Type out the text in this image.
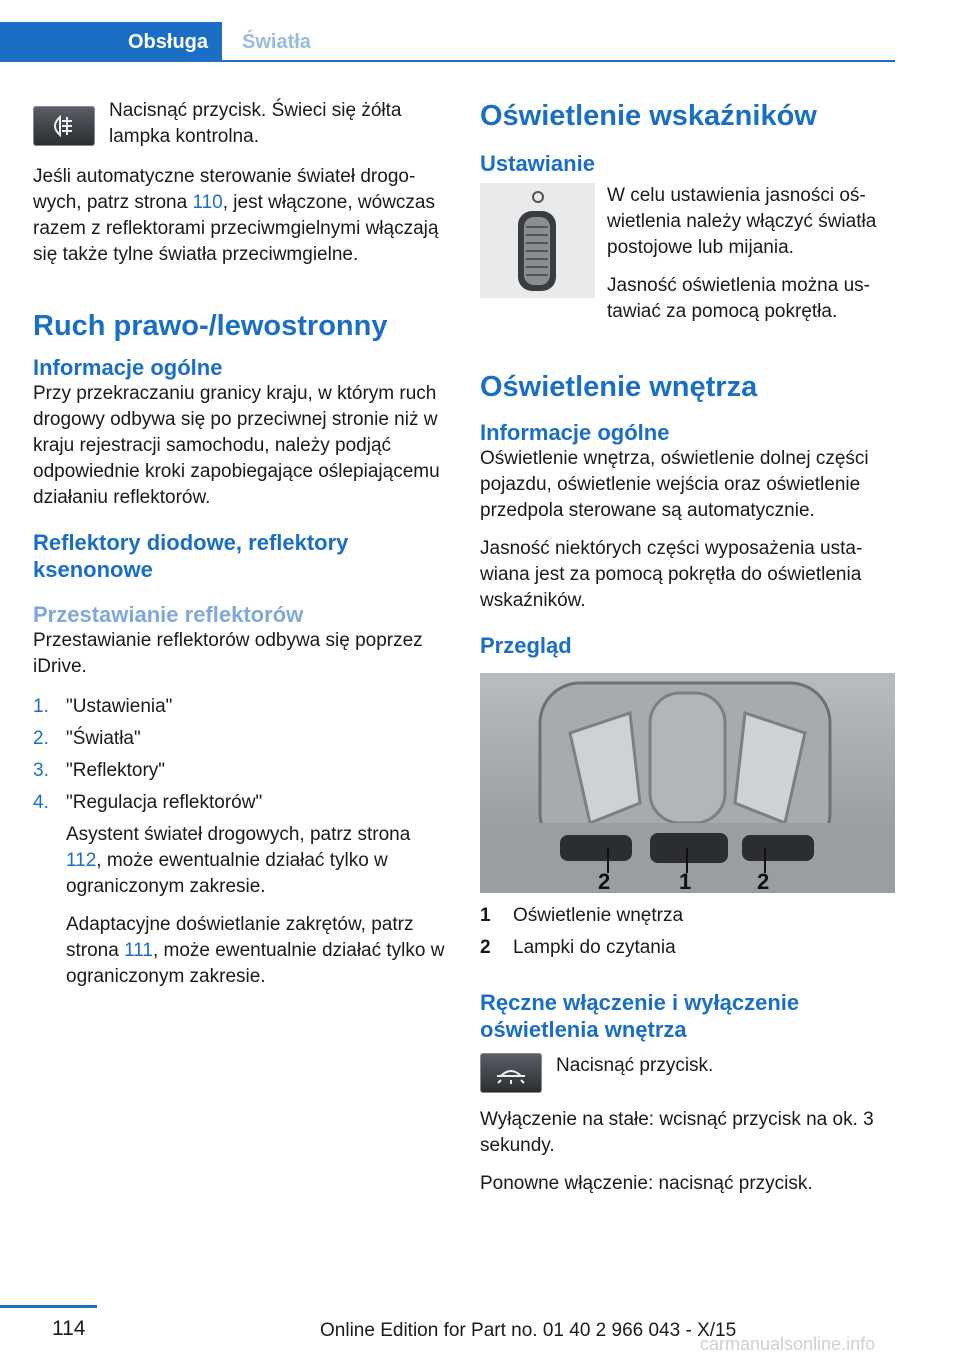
Obsługa Światła

Nacisnąć przycisk. Świeci się żółta lampka kontrolna.

Jeśli automatyczne sterowanie świateł drogowych, patrz strona 110, jest włączone, wówczas razem z reflektorami przeciwmgielnymi włączają się także tylne światła przeciwmgielne.

Ruch prawo-/lewostronny
Informacje ogólne

Przy przekraczaniu granicy kraju, w którym ruch drogowy odbywa się po przeciwnej stronie niż w kraju rejestracji samochodu, należy podjąć odpowiednie kroki zapobiegające oślepiającemu działaniu reflektorów.

Reflektory diodowe, reflektory ksenonowe
Przestawianie reflektorów

Przestawianie reflektorów odbywa się poprzez iDrive.

1. "Ustawienia"
2. "Światła"
3. "Reflektory"
4. "Regulacja reflektorów"

Asystent świateł drogowych, patrz strona 112, może ewentualnie działać tylko w ograniczonym zakresie.

Adaptacyjne doświetlanie zakrętów, patrz strona 111, może ewentualnie działać tylko w ograniczonym zakresie.

Oświetlenie wskaźników
Ustawianie

W celu ustawienia jasności oświetlenia należy włączyć światła postojowe lub mijania.

Jasność oświetlenia można ustawiać za pomocą pokrętła.

Oświetlenie wnętrza
Informacje ogólne

Oświetlenie wnętrza, oświetlenie dolnej części pojazdu, oświetlenie wejścia oraz oświetlenie przedpola sterowane są automatycznie.

Jasność niektórych części wyposażenia ustawiana jest za pomocą pokrętła do oświetlenia wskaźników.

Przegląd
2	1	2
1	Oświetlenie wnętrza
2	Lampki do czytania
Ręczne włączenie i wyłączenie oświetlenia wnętrza

Nacisnąć przycisk.

Wyłączenie na stałe: wcisnąć przycisk na ok. 3 sekundy.

Ponowne włączenie: nacisnąć przycisk.

114	Online Edition for Part no. 01 40 2 966 043 - X/15
carmanualsonline.info
